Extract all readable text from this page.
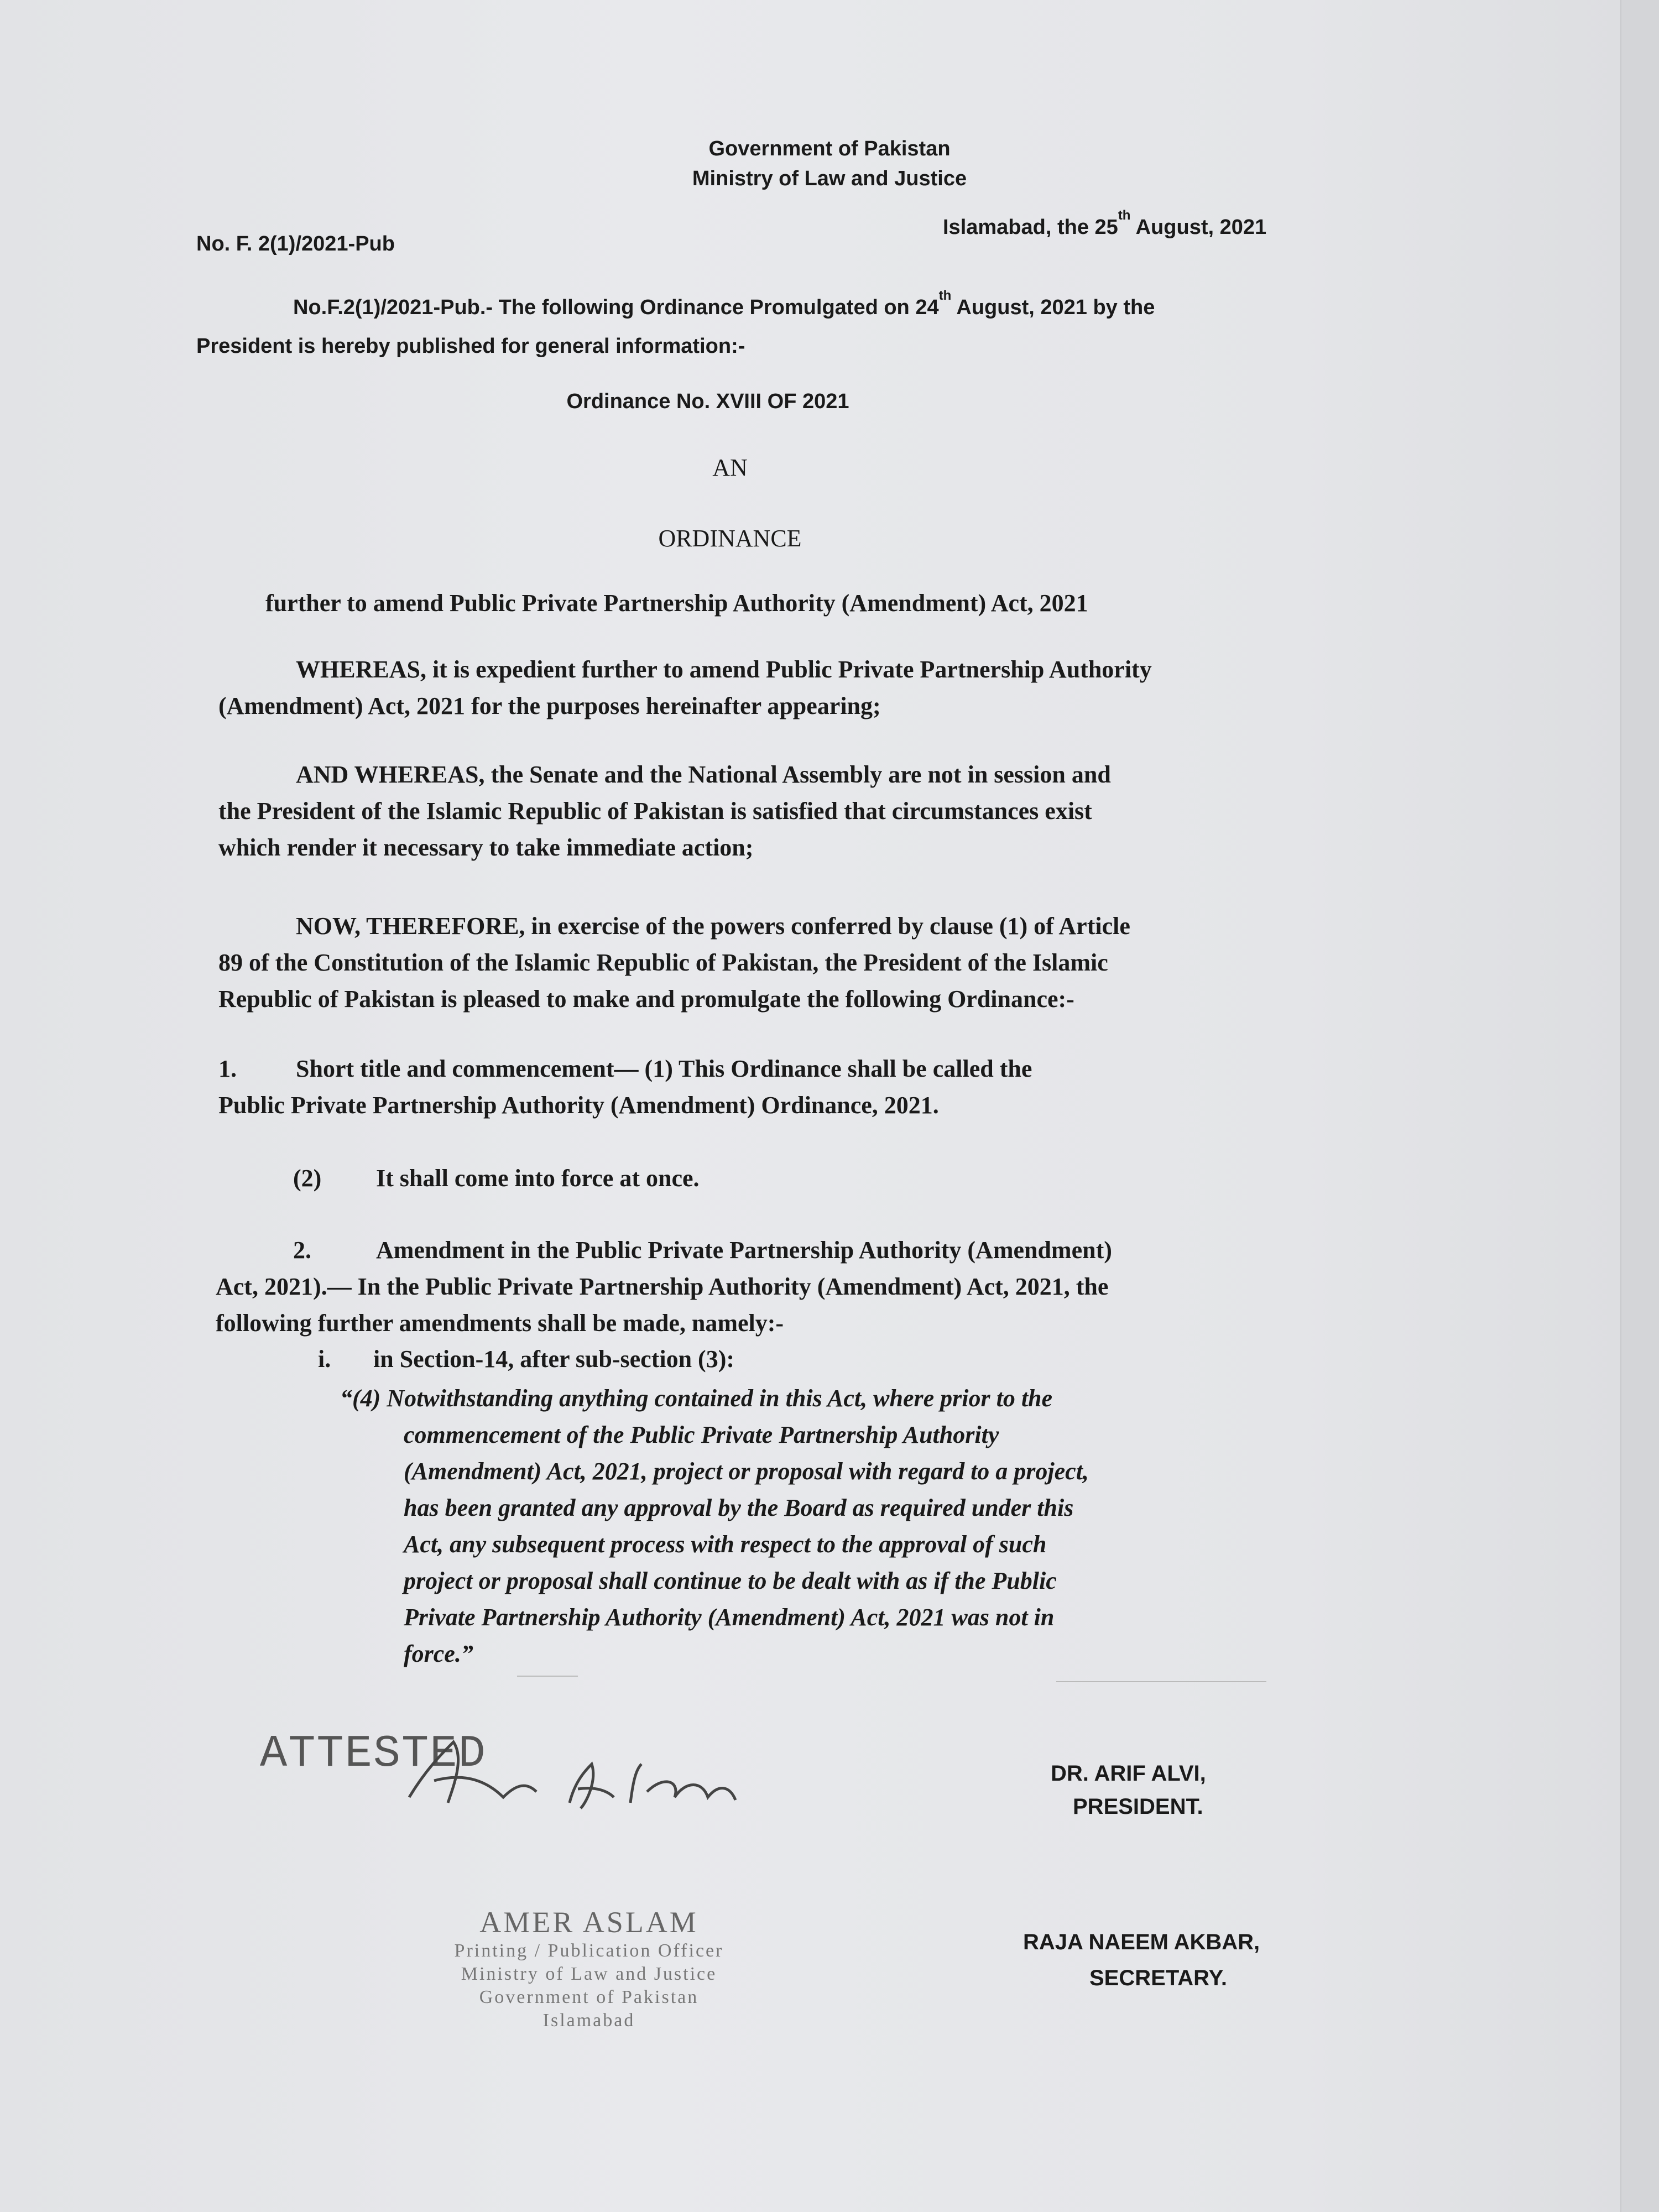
Government of Pakistan
Ministry of Law and Justice
No. F. 2(1)/2021-Pub
Islamabad, the 25th August, 2021
No.F.2(1)/2021-Pub.- The following Ordinance Promulgated on 24th August, 2021 by the
President is hereby published for general information:-
Ordinance No. XVIII OF 2021
AN
ORDINANCE
further to amend Public Private Partnership Authority (Amendment) Act, 2021
WHEREAS, it is expedient further to amend Public Private Partnership Authority
(Amendment) Act, 2021 for the purposes hereinafter appearing;
AND WHEREAS, the Senate and the National Assembly are not in session and
the President of the Islamic Republic of Pakistan is satisfied that circumstances exist
which render it necessary to take immediate action;
NOW, THEREFORE, in exercise of the powers conferred by clause (1) of Article
89 of the Constitution of the Islamic Republic of Pakistan, the President of the Islamic
Republic of Pakistan is pleased to make and promulgate the following Ordinance:-
1. Short title and commencement— (1) This Ordinance shall be called the
Public Private Partnership Authority (Amendment) Ordinance, 2021.
(2) It shall come into force at once.
2.	Amendment in the Public Private Partnership Authority (Amendment)
Act, 2021).— In the Public Private Partnership Authority (Amendment) Act, 2021, the
following further amendments shall be made, namely:-
i. in Section-14, after sub-section (3):
“(4) Notwithstanding anything contained in this Act, where prior to the
commencement of the Public Private Partnership Authority
(Amendment) Act, 2021, project or proposal with regard to a project,
has been granted any approval by the Board as required under this
Act, any subsequent process with respect to the approval of such
project or proposal shall continue to be dealt with as if the Public
Private Partnership Authority (Amendment) Act, 2021 was not in
force.”
ATTESTED	DR. ARIF ALVI,
PRESIDENT.
AMER ASLAM
Printing / Publication Officer
Ministry of Law and Justice
Government of Pakistan
Islamabad
RAJA NAEEM AKBAR,
SECRETARY.
